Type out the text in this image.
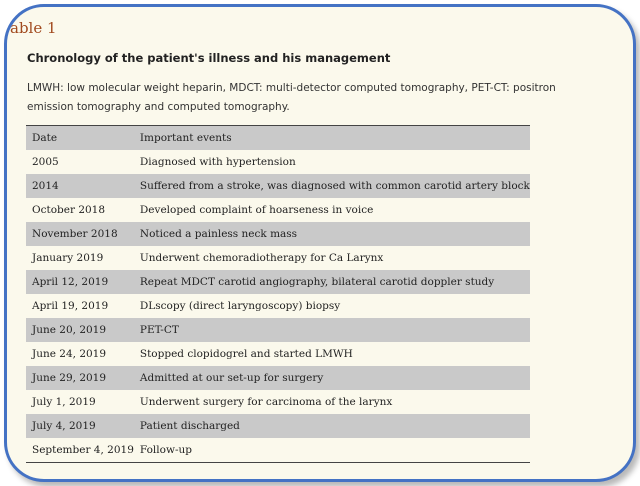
able 1
Chronology of the patient's illness and his management
LMWH: low molecular weight heparin, MDCT: multi-detector computed tomography, PET-CT: positron emission tomography and computed tomography.
Date	Important events
2005	Diagnosed with hypertension
2014	Suffered from a stroke, was diagnosed with common carotid artery block
October 2018	Developed complaint of hoarseness in voice
November 2018	Noticed a painless neck mass
January 2019	Underwent chemoradiotherapy for Ca Larynx
April 12, 2019	Repeat MDCT carotid angiography, bilateral carotid doppler study
April 19, 2019	DLscopy (direct laryngoscopy) biopsy
June 20, 2019	PET-CT
June 24, 2019	Stopped clopidogrel and started LMWH
June 29, 2019	Admitted at our set-up for surgery
July 1, 2019	Underwent surgery for carcinoma of the larynx
July 4, 2019	Patient discharged
September 4, 2019	Follow-up
